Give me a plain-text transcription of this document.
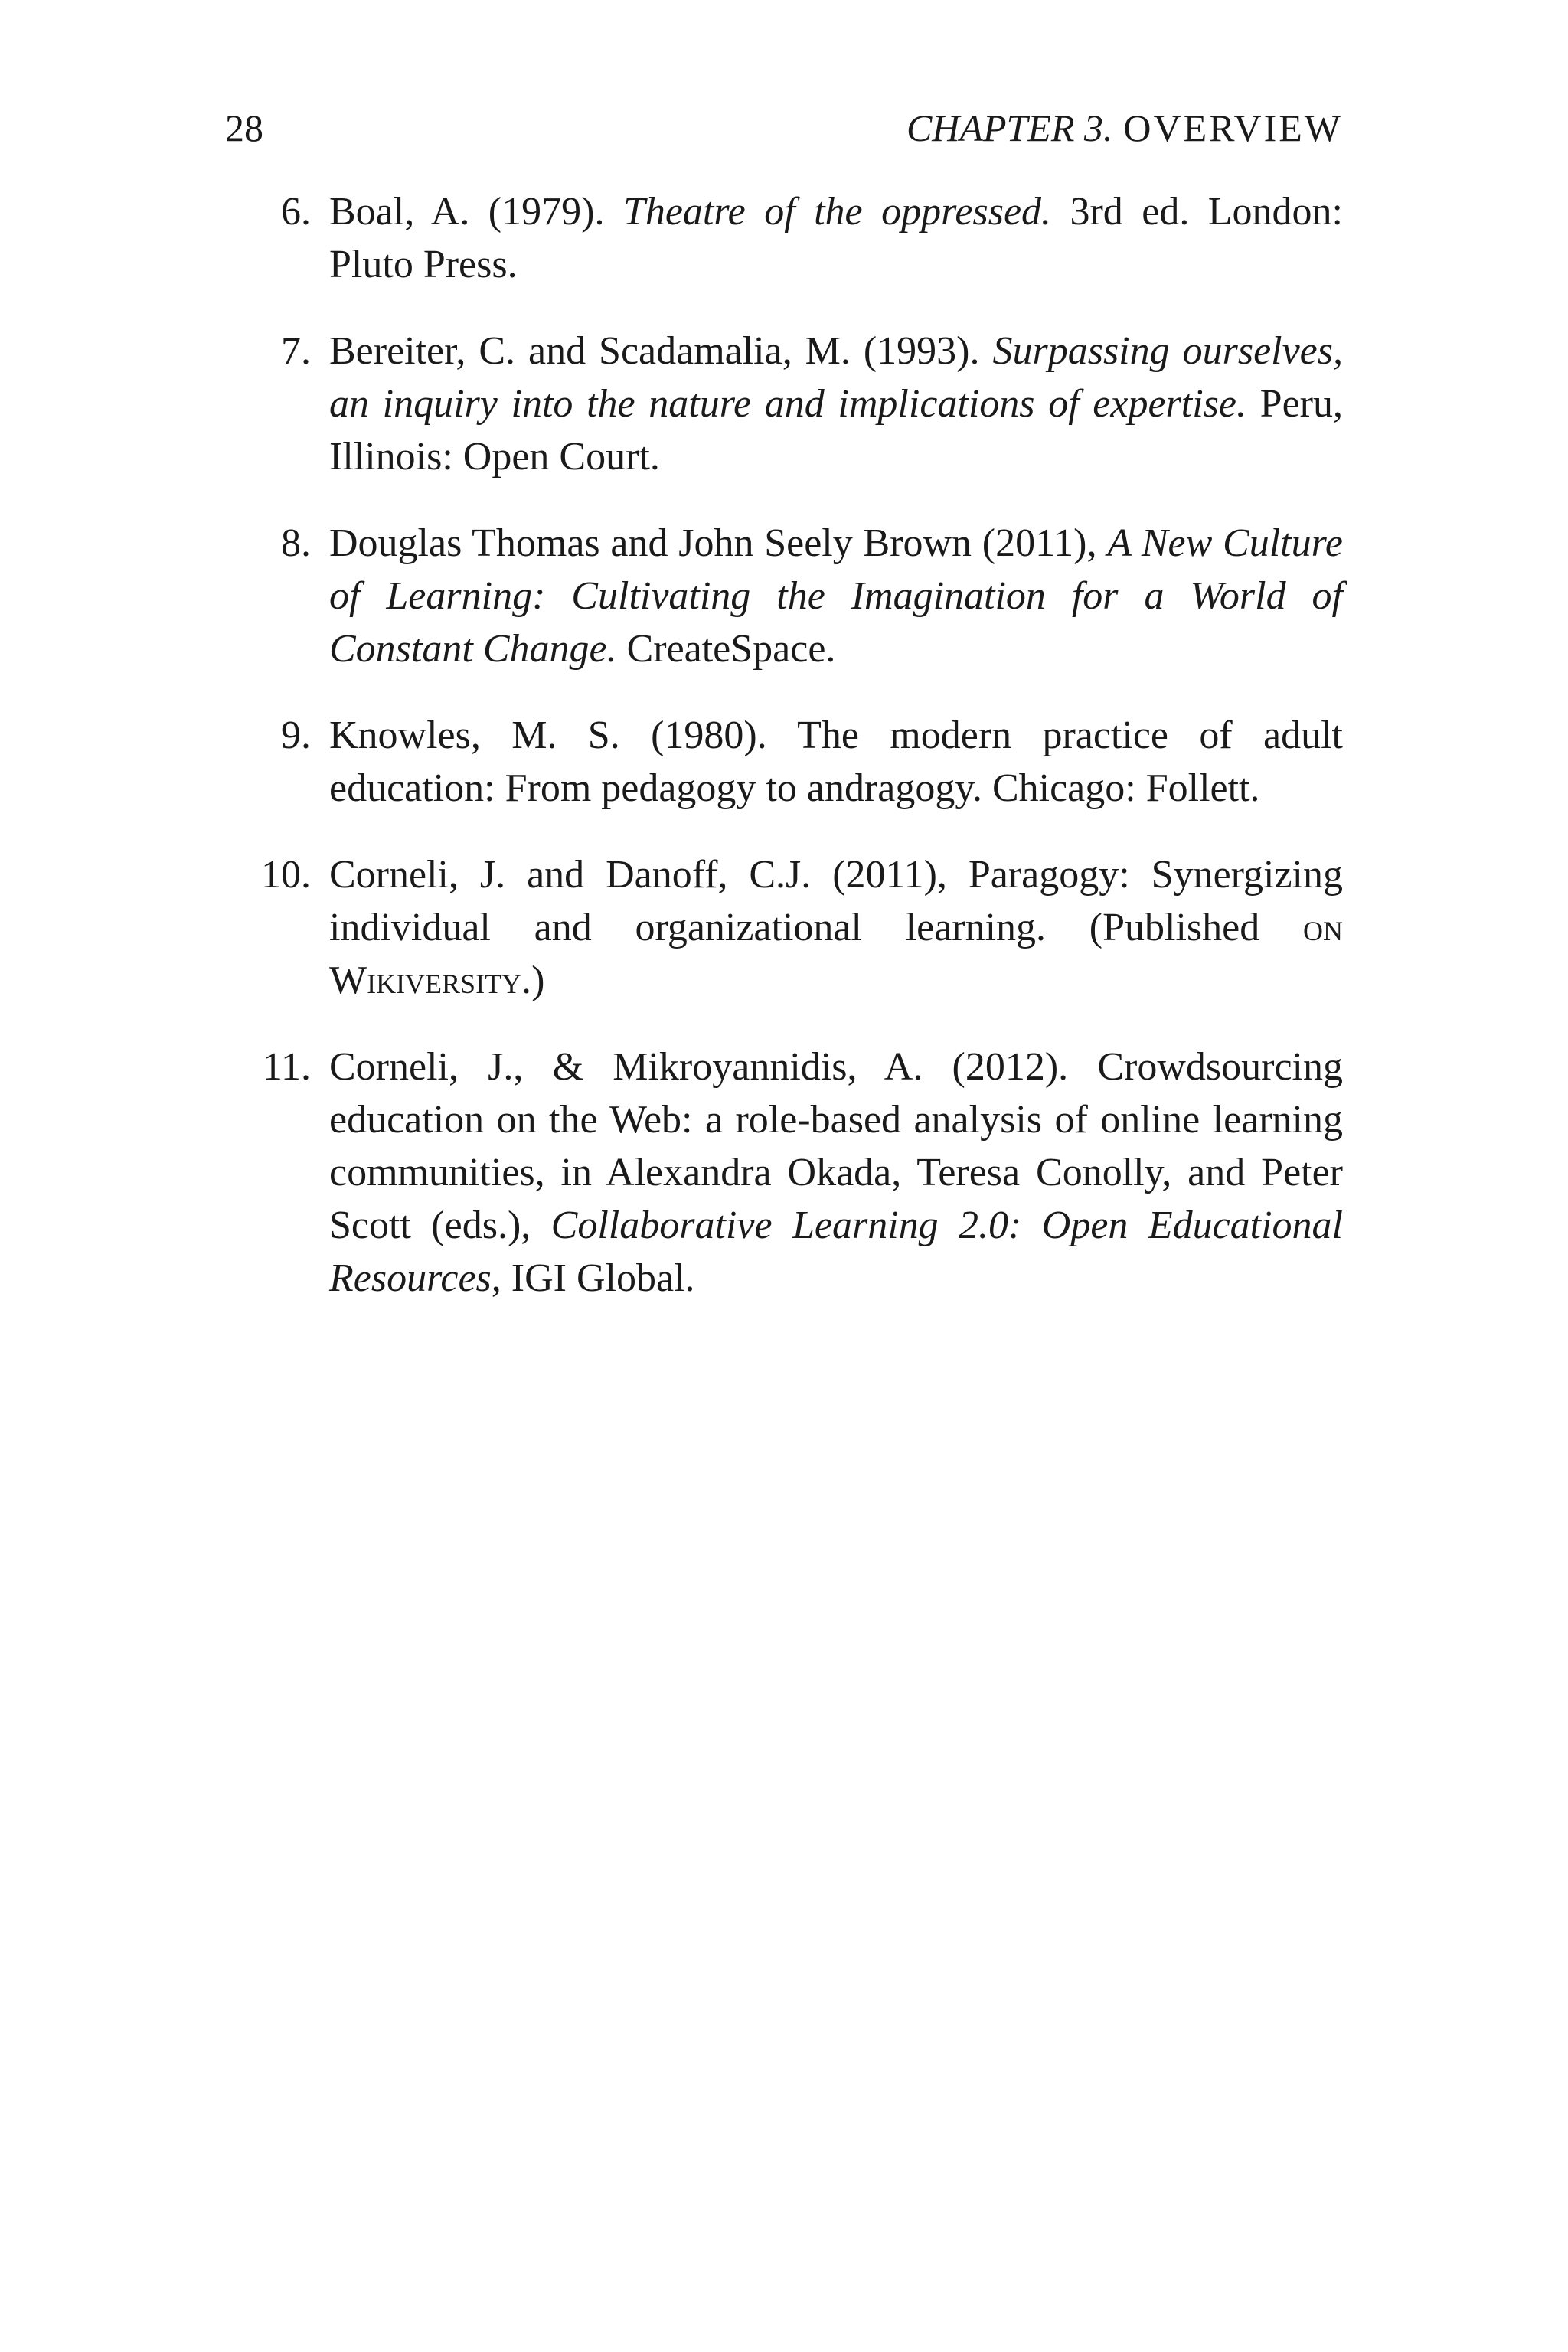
28	CHAPTER 3. OVERVIEW
6. Boal, A. (1979). Theatre of the oppressed. 3rd ed. London: Pluto Press.
7. Bereiter, C. and Scadamalia, M. (1993). Surpassing ourselves, an inquiry into the nature and implications of expertise. Peru, Illinois: Open Court.
8. Douglas Thomas and John Seely Brown (2011), A New Culture of Learning: Cultivating the Imagination for a World of Constant Change. CreateSpace.
9. Knowles, M. S. (1980). The modern practice of adult education: From pedagogy to andragogy. Chicago: Follett.
10. Corneli, J. and Danoff, C.J. (2011), Paragogy: Synergizing individual and organizational learning. (Published on Wikiversity.)
11. Corneli, J., & Mikroyannidis, A. (2012). Crowdsourcing education on the Web: a role-based analysis of online learning communities, in Alexandra Okada, Teresa Conolly, and Peter Scott (eds.), Collaborative Learning 2.0: Open Educational Resources, IGI Global.
